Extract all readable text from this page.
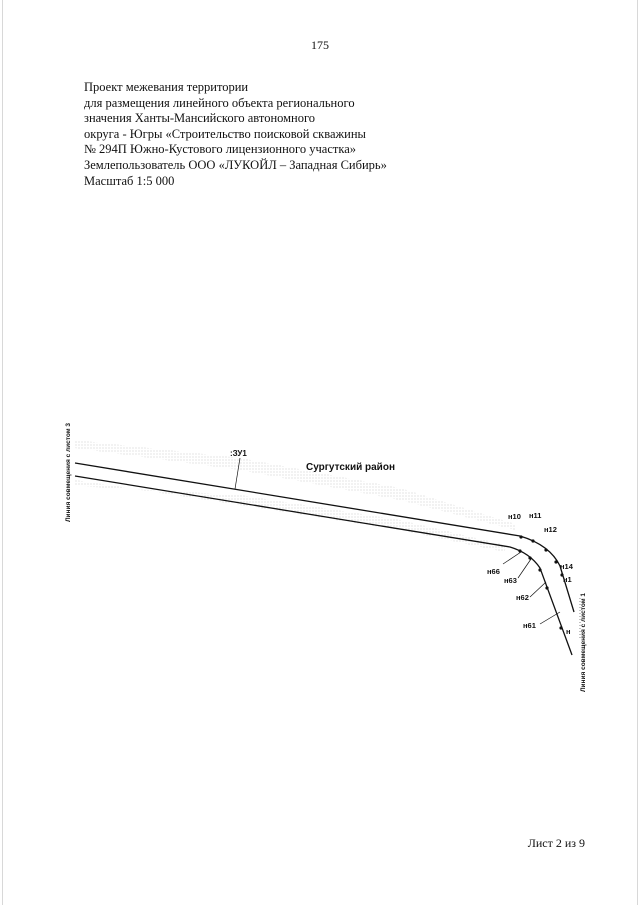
175
Проект межевания территории
для размещения линейного объекта регионального
значения Ханты-Мансийского автономного
округа - Югры «Строительство поисковой скважины
№ 294П Южно-Кустового лицензионного участка»
Землепользователь ООО «ЛУКОЙЛ – Западная Сибирь»
Масштаб 1:5 000
:ЗУ1
Сургутский район
н10 н11
н12
н14
н1
н66
н63
н62
н61
н
Линия совмещения с листом 3
Линия совмещения с листом 1
Лист 2 из 9
